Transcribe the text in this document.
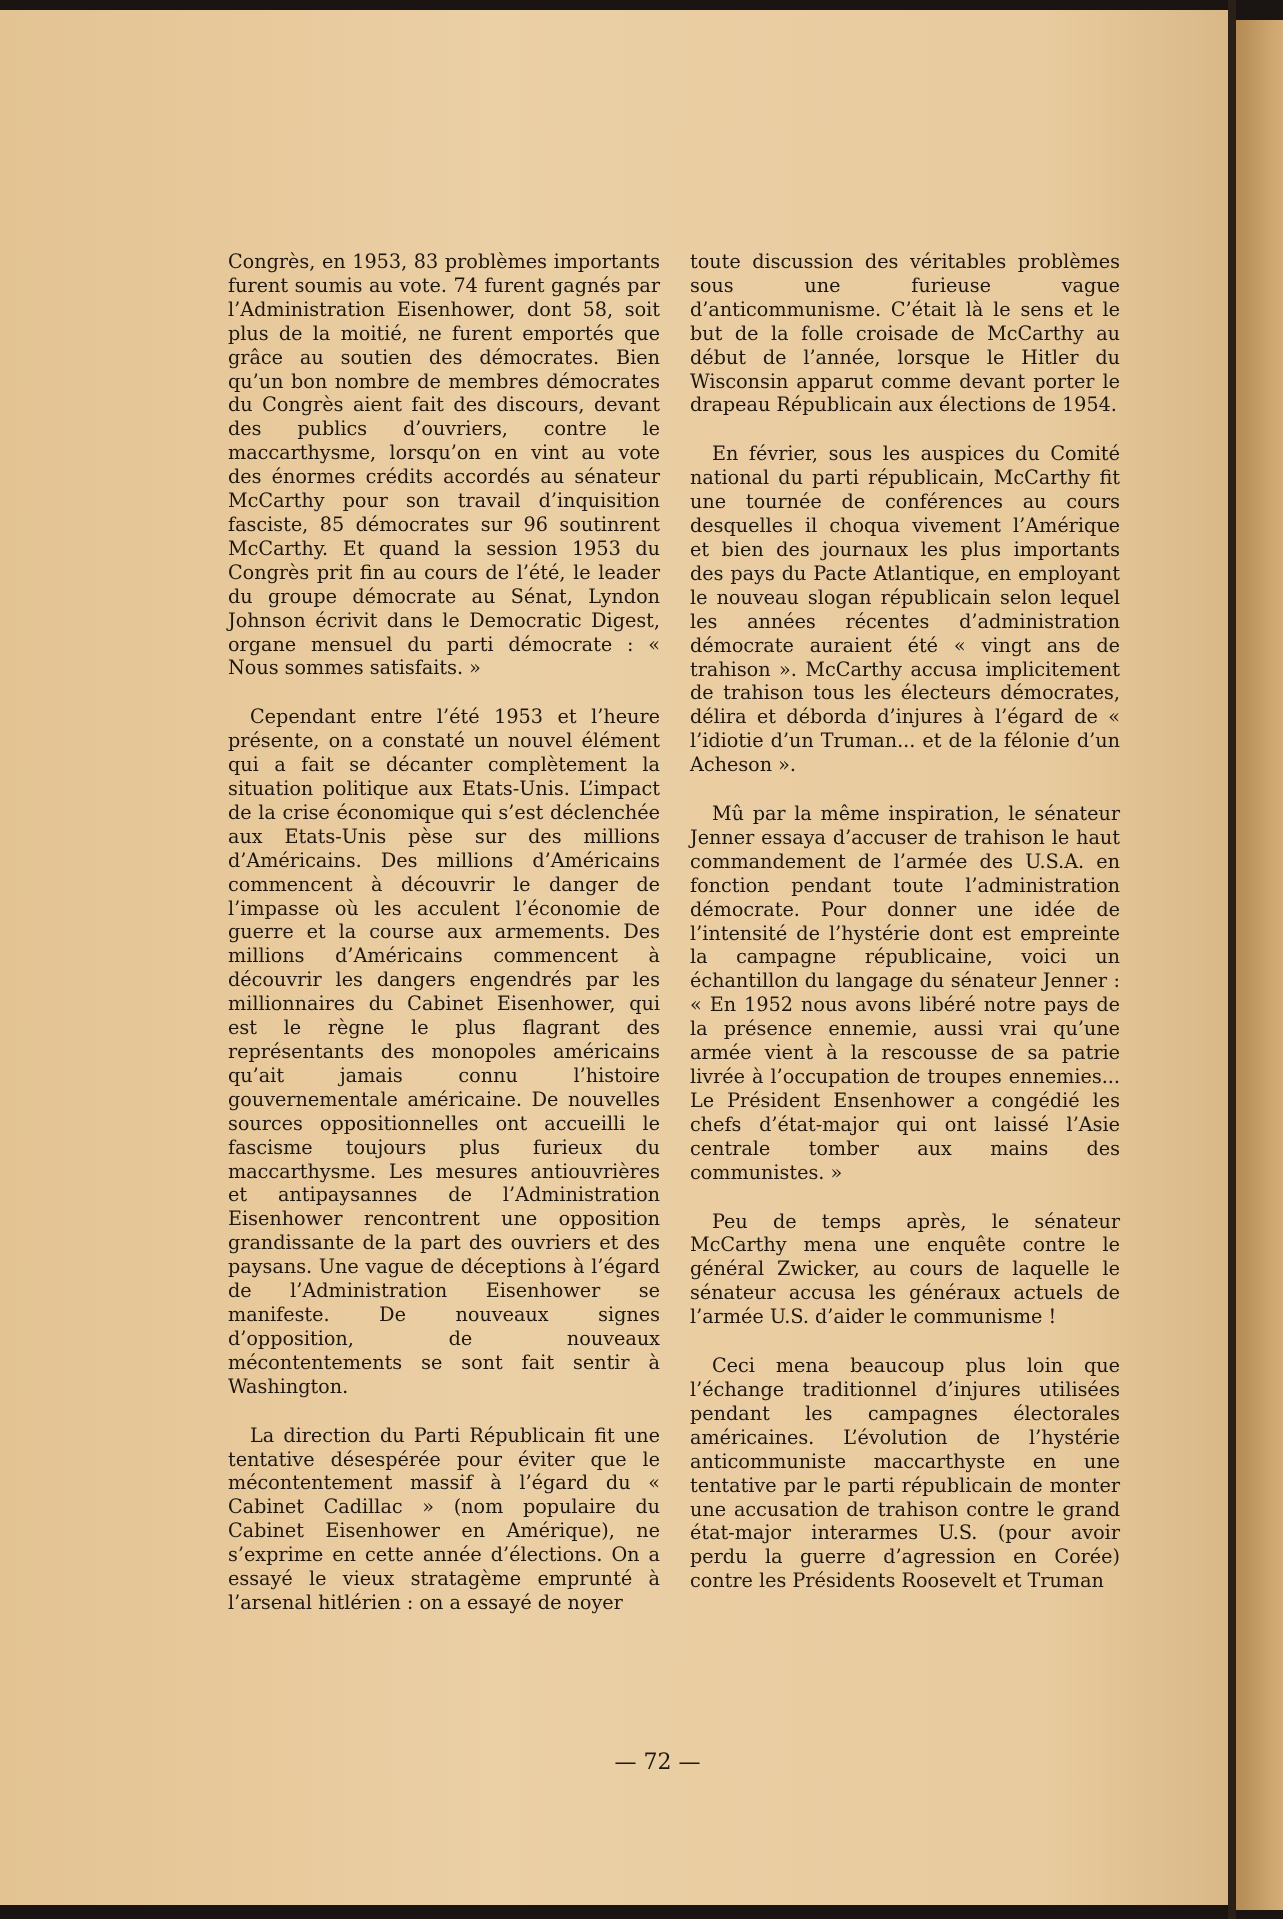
Congrès, en 1953, 83 problèmes importants furent soumis au vote. 74 furent gagnés par l’Administration Eisenhower, dont 58, soit plus de la moitié, ne furent emportés que grâce au soutien des démocrates. Bien qu’un bon nombre de membres démocrates du Congrès aient fait des discours, devant des publics d’ouvriers, contre le maccarthysme, lorsqu’on en vint au vote des énormes crédits accordés au sénateur McCarthy pour son travail d’inquisition fasciste, 85 démocrates sur 96 soutinrent McCarthy. Et quand la session 1953 du Congrès prit fin au cours de l’été, le leader du groupe démocrate au Sénat, Lyndon Johnson écrivit dans le Democratic Digest, organe mensuel du parti démocrate : « Nous sommes satisfaits. »

Cependant entre l’été 1953 et l’heure présente, on a constaté un nouvel élément qui a fait se décanter complètement la situation politique aux Etats-Unis. L’impact de la crise économique qui s’est déclenchée aux Etats-Unis pèse sur des millions d’Américains. Des millions d’Américains commencent à découvrir le danger de l’impasse où les acculent l’économie de guerre et la course aux armements. Des millions d’Américains commencent à découvrir les dangers engendrés par les millionnaires du Cabinet Eisenhower, qui est le règne le plus flagrant des représentants des monopoles américains qu’ait jamais connu l’histoire gouvernementale américaine. De nouvelles sources oppositionnelles ont accueilli le fascisme toujours plus furieux du maccarthysme. Les mesures antiouvrières et antipaysannes de l’Administration Eisenhower rencontrent une opposition grandissante de la part des ouvriers et des paysans. Une vague de déceptions à l’égard de l’Administration Eisenhower se manifeste. De nouveaux signes d’opposition, de nouveaux mécontentements se sont fait sentir à Washington.

La direction du Parti Républicain fit une tentative désespérée pour éviter que le mécontentement massif à l’égard du « Cabinet Cadillac » (nom populaire du Cabinet Eisenhower en Amérique), ne s’exprime en cette année d’élections. On a essayé le vieux stratagème emprunté à l’arsenal hitlérien : on a essayé de noyer

toute discussion des véritables problèmes sous une furieuse vague d’anticommunisme. C’était là le sens et le but de la folle croisade de McCarthy au début de l’année, lorsque le Hitler du Wisconsin apparut comme devant porter le drapeau Républicain aux élections de 1954.

En février, sous les auspices du Comité national du parti républicain, McCarthy fit une tournée de conférences au cours desquelles il choqua vivement l’Amérique et bien des journaux les plus importants des pays du Pacte Atlantique, en employant le nouveau slogan républicain selon lequel les années récentes d’administration démocrate auraient été « vingt ans de trahison ». McCarthy accusa implicitement de trahison tous les électeurs démocrates, délira et déborda d’injures à l’égard de « l’idiotie d’un Truman... et de la félonie d’un Acheson ».

Mû par la même inspiration, le sénateur Jenner essaya d’accuser de trahison le haut commandement de l’armée des U.S.A. en fonction pendant toute l’administration démocrate. Pour donner une idée de l’intensité de l’hystérie dont est empreinte la campagne républicaine, voici un échantillon du langage du sénateur Jenner : « En 1952 nous avons libéré notre pays de la présence ennemie, aussi vrai qu’une armée vient à la rescousse de sa patrie livrée à l’occupation de troupes ennemies... Le Président Ensenhower a congédié les chefs d’état-major qui ont laissé l’Asie centrale tomber aux mains des communistes. »

Peu de temps après, le sénateur McCarthy mena une enquête contre le général Zwicker, au cours de laquelle le sénateur accusa les généraux actuels de l’armée U.S. d’aider le communisme !

Ceci mena beaucoup plus loin que l’échange traditionnel d’injures utilisées pendant les campagnes électorales américaines. L’évolution de l’hystérie anticommuniste maccarthyste en une tentative par le parti républicain de monter une accusation de trahison contre le grand état-major interarmes U.S. (pour avoir perdu la guerre d’agression en Corée) contre les Présidents Roosevelt et Truman

— 72 —
